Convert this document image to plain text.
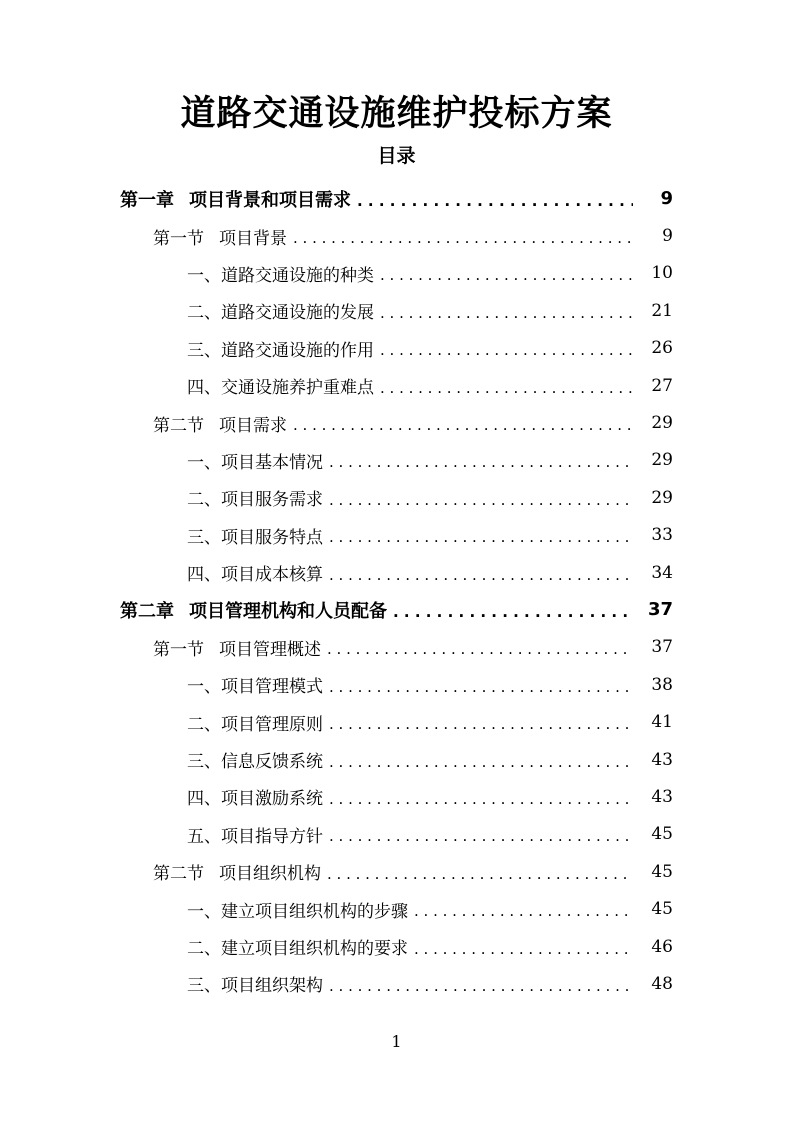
道路交通设施维护投标方案
目录
第一章 项目背景和项目需求 . . .	9
第一节 项目背景 . . .	9
一、 道路交通设施的种类 . . .	10
二、 道路交通设施的发展 . . .	21
三、 道路交通设施的作用 . . .	26
四、 交通设施养护重难点 . . .	27
第二节 项目需求 . . .	29
一、 项目基本情况 . . .	29
二、 项目服务需求 . . .	29
三、 项目服务特点 . . .	33
四、 项目成本核算 . . .	34
第二章 项目管理机构和人员配备 . . .	37
第一节 项目管理概述 . . .	37
一、 项目管理模式 . . .	38
二、 项目管理原则 . . .	41
三、 信息反馈系统 . . .	43
四、 项目激励系统 . . .	43
五、 项目指导方针 . . .	45
第二节 项目组织机构 . . .	45
一、 建立项目组织机构的步骤 . . .	45
二、 建立项目组织机构的要求 . . .	46
三、 项目组织架构 . . .	48
1
